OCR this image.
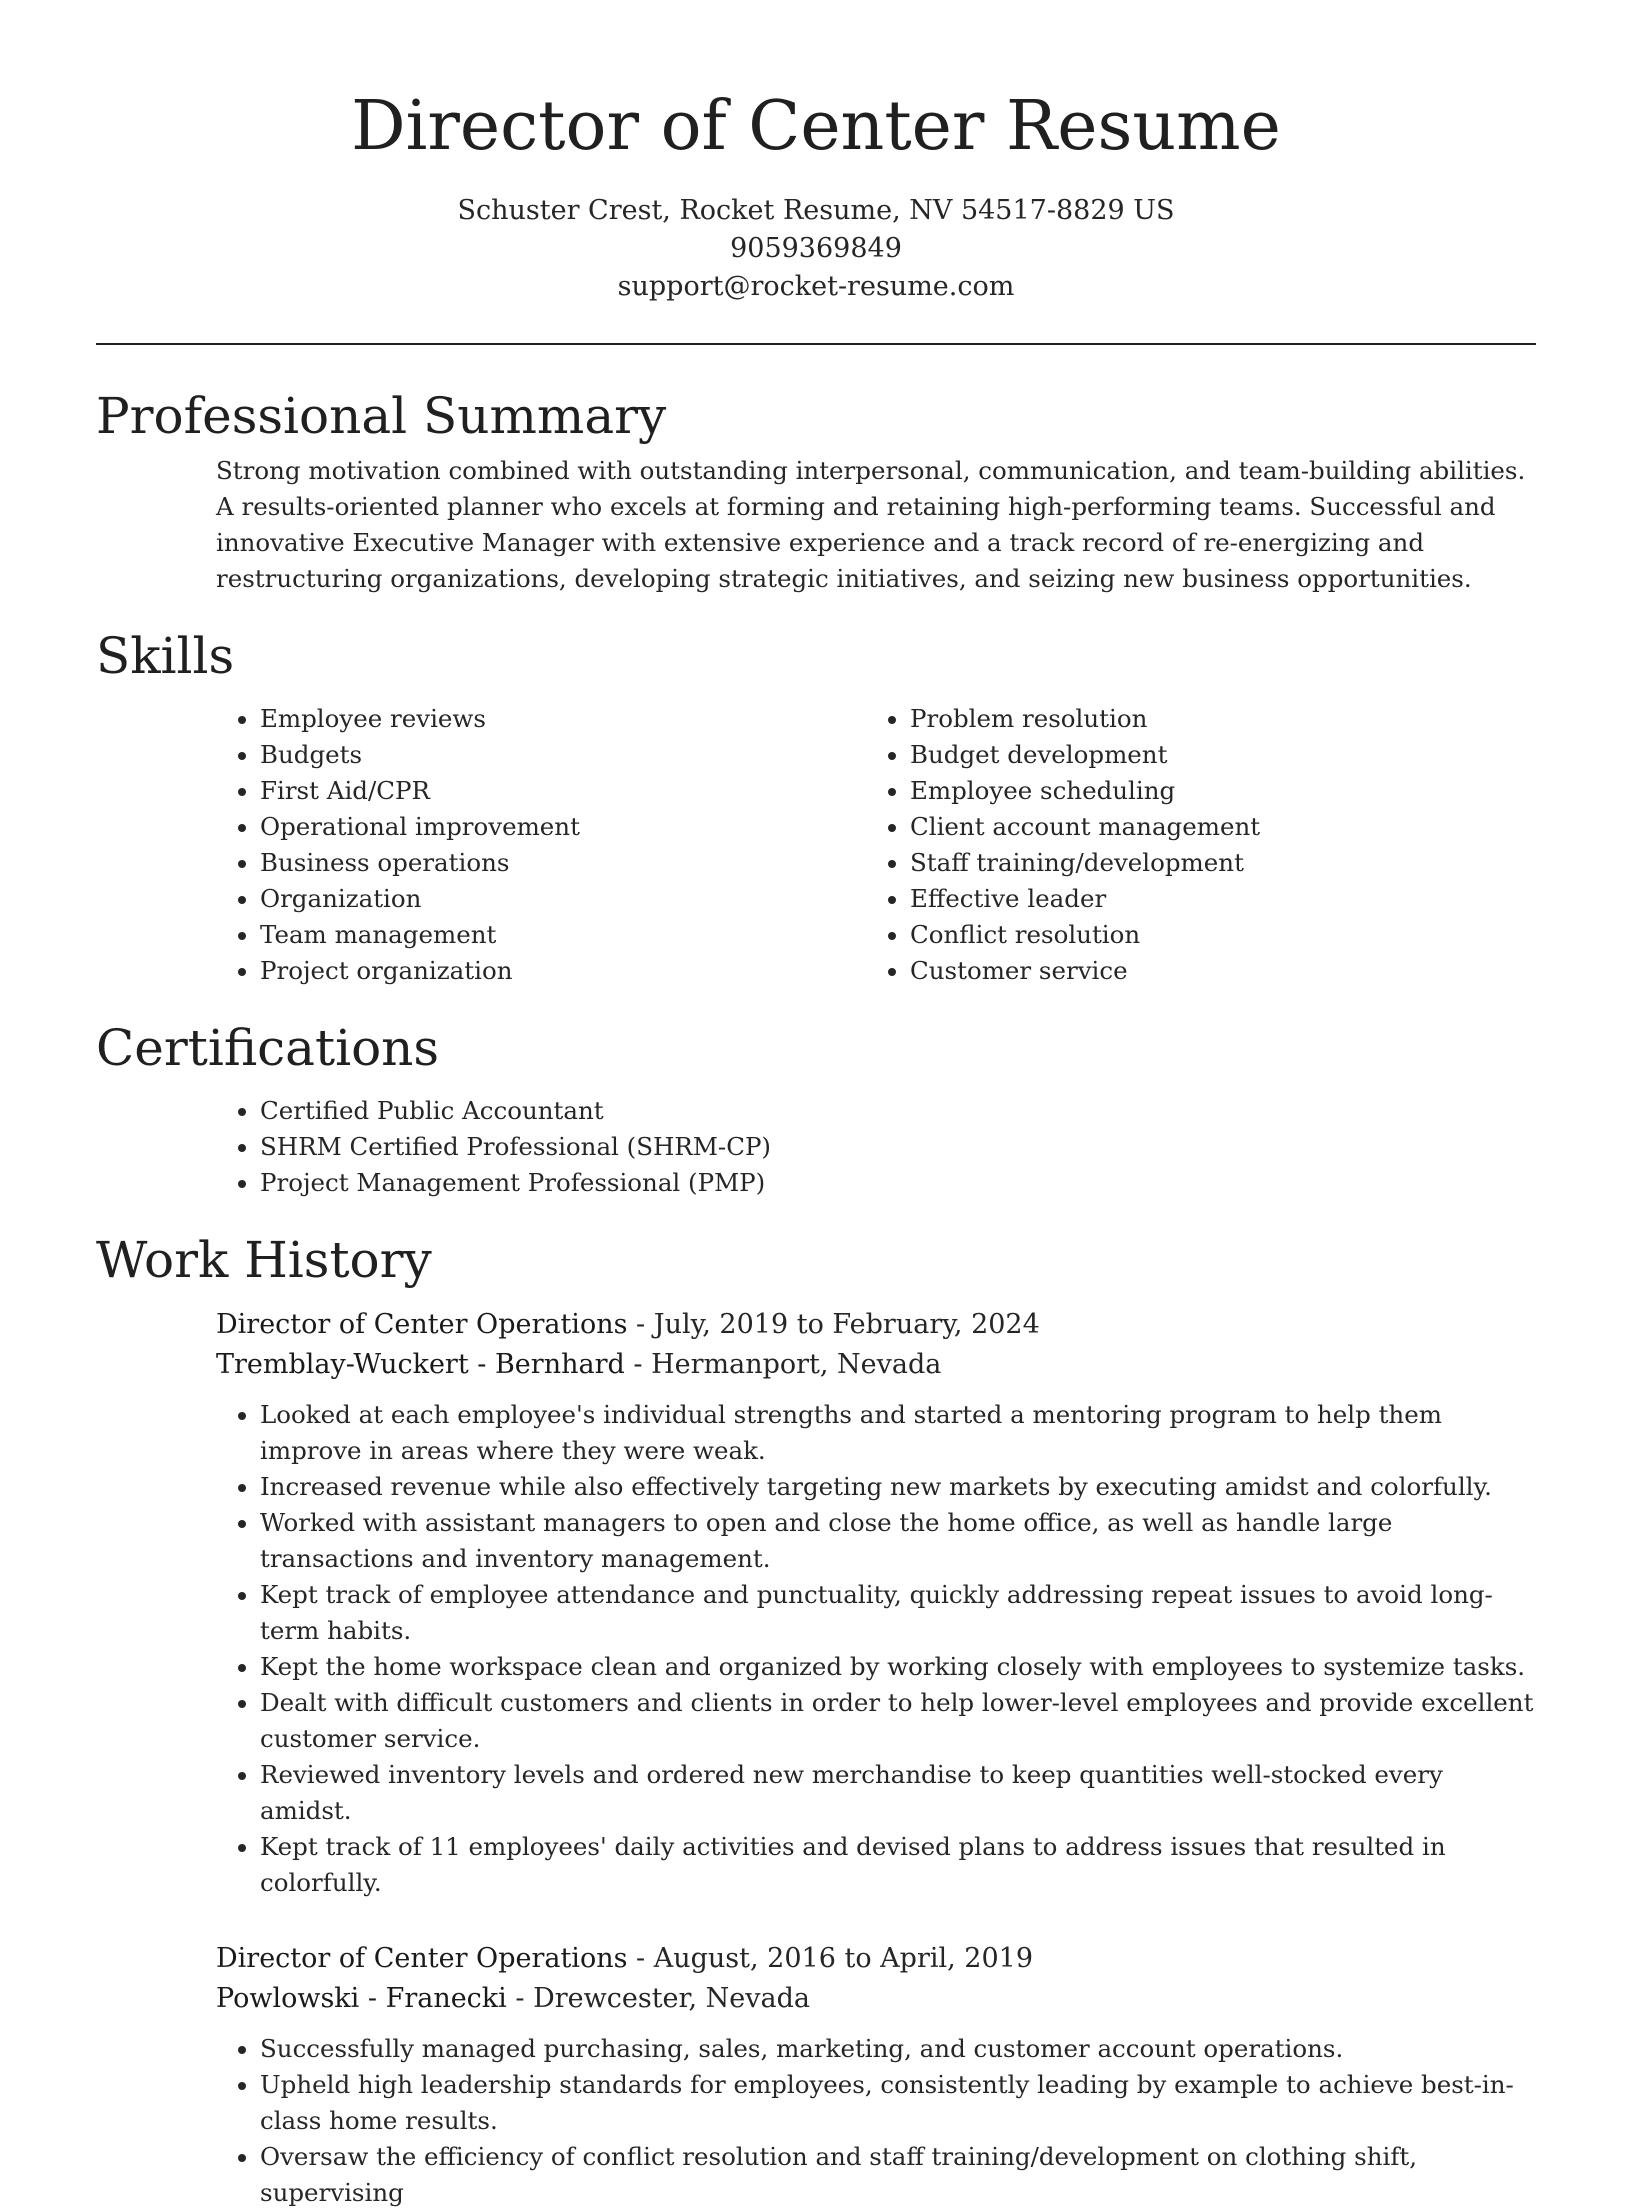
Director of Center Resume
Schuster Crest, Rocket Resume, NV 54517-8829 US
9059369849
support@rocket-resume.com
Professional Summary
Strong motivation combined with outstanding interpersonal, communication, and team-building abilities. A results-oriented planner who excels at forming and retaining high-performing teams. Successful and innovative Executive Manager with extensive experience and a track record of re-energizing and restructuring organizations, developing strategic initiatives, and seizing new business opportunities.
Skills
• Employee reviews
• Budgets
• First Aid/CPR
• Operational improvement
• Business operations
• Organization
• Team management
• Project organization
• Problem resolution
• Budget development
• Employee scheduling
• Client account management
• Staff training/development
• Effective leader
• Conflict resolution
• Customer service
Certifications
• Certified Public Accountant
• SHRM Certified Professional (SHRM-CP)
• Project Management Professional (PMP)
Work History
Director of Center Operations - July, 2019 to February, 2024
Tremblay-Wuckert - Bernhard - Hermanport, Nevada
• Looked at each employee's individual strengths and started a mentoring program to help them improve in areas where they were weak.
• Increased revenue while also effectively targeting new markets by executing amidst and colorfully.
• Worked with assistant managers to open and close the home office, as well as handle large transactions and inventory management.
• Kept track of employee attendance and punctuality, quickly addressing repeat issues to avoid long-term habits.
• Kept the home workspace clean and organized by working closely with employees to systemize tasks.
• Dealt with difficult customers and clients in order to help lower-level employees and provide excellent customer service.
• Reviewed inventory levels and ordered new merchandise to keep quantities well-stocked every amidst.
• Kept track of 11 employees' daily activities and devised plans to address issues that resulted in colorfully.
Director of Center Operations - August, 2016 to April, 2019
Powlowski - Franecki - Drewcester, Nevada
• Successfully managed purchasing, sales, marketing, and customer account operations.
• Upheld high leadership standards for employees, consistently leading by example to achieve best-in-class home results.
• Oversaw the efficiency of conflict resolution and staff training/development on clothing shift, supervising
